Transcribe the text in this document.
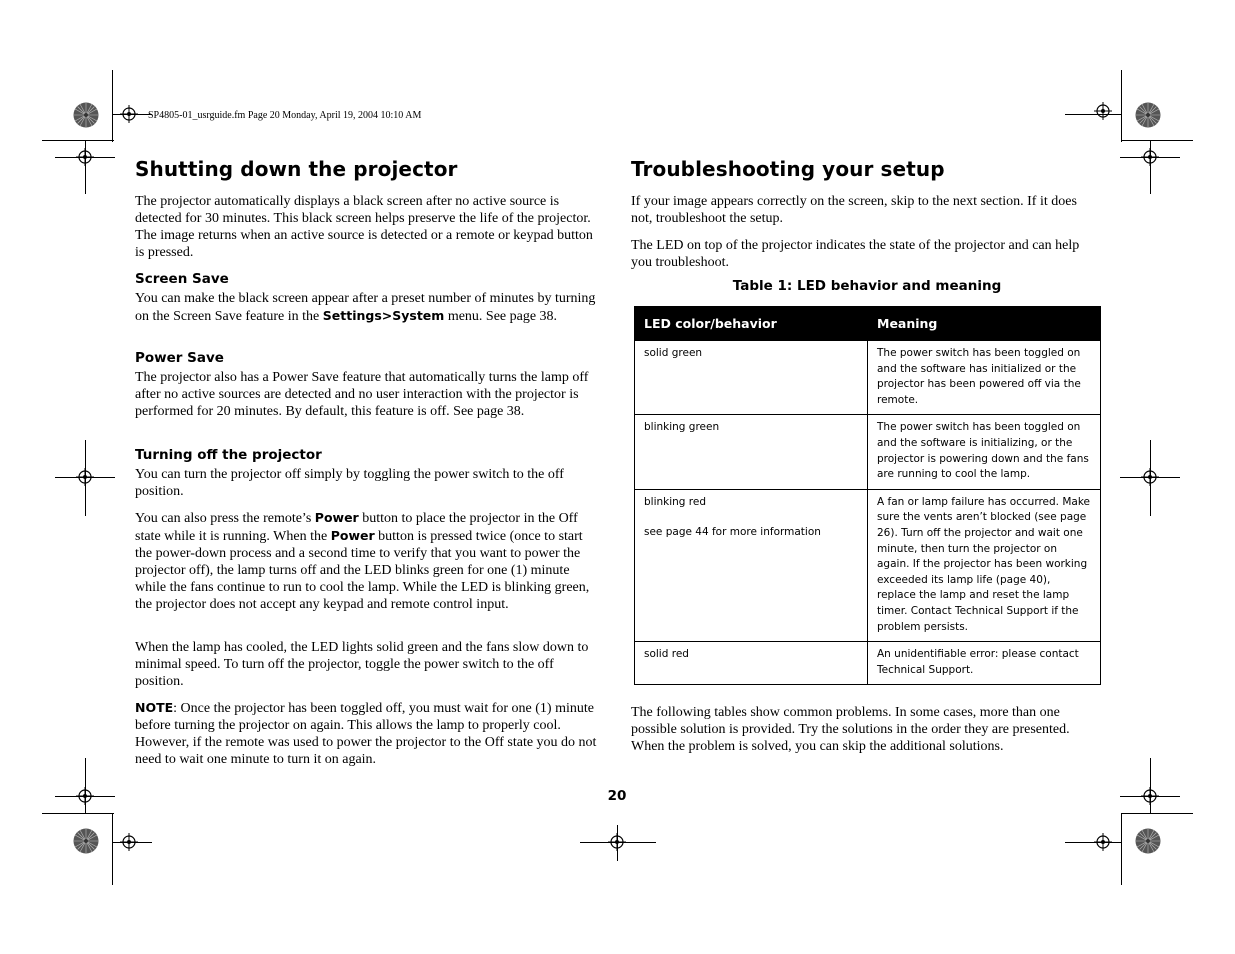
SP4805-01_usrguide.fm Page 20 Monday, April 19, 2004 10:10 AM
Shutting down the projector

The projector automatically displays a black screen after no active source is detected for 30 minutes. This black screen helps preserve the life of the projector. The image returns when an active source is detected or a remote or keypad button is pressed.

Screen Save

You can make the black screen appear after a preset number of minutes by turning on the Screen Save feature in the Settings>System menu. See page 38.

Power Save

The projector also has a Power Save feature that automatically turns the lamp off after no active sources are detected and no user interaction with the projector is performed for 20 minutes. By default, this feature is off. See page 38.

Turning off the projector

You can turn the projector off simply by toggling the power switch to the off position.

You can also press the remote’s Power button to place the projector in the Off state while it is running. When the Power button is pressed twice (once to start the power-down process and a second time to verify that you want to power the projector off), the lamp turns off and the LED blinks green for one (1) minute while the fans continue to run to cool the lamp. While the LED is blinking green, the projector does not accept any keypad and remote control input.

When the lamp has cooled, the LED lights solid green and the fans slow down to minimal speed. To turn off the projector, toggle the power switch to the off position.

NOTE: Once the projector has been toggled off, you must wait for one (1) minute before turning the projector on again. This allows the lamp to properly cool. However, if the remote was used to power the projector to the Off state you do not need to wait one minute to turn it on again.

Troubleshooting your setup

If your image appears correctly on the screen, skip to the next section. If it does not, troubleshoot the setup.

The LED on top of the projector indicates the state of the projector and can help you troubleshoot.

Table 1: LED behavior and meaning

LED color/behavior	Meaning
solid green	The power switch has been toggled on and the software has initialized or the projector has been powered off via the remote.
blinking green	The power switch has been toggled on and the software is initializing, or the projector is powering down and the fans are running to cool the lamp.

blinking red
see page 44 for more information	A fan or lamp failure has occurred. Make sure the vents aren’t blocked (see page 26). Turn off the projector and wait one minute, then turn the projector on again. If the projector has been working exceeded its lamp life (page 40), replace the lamp and reset the lamp timer. Contact Technical Support if the problem persists.
solid red	An unidentifiable error: please contact Technical Support.

The following tables show common problems. In some cases, more than one possible solution is provided. Try the solutions in the order they are presented. When the problem is solved, you can skip the additional solutions.

20
